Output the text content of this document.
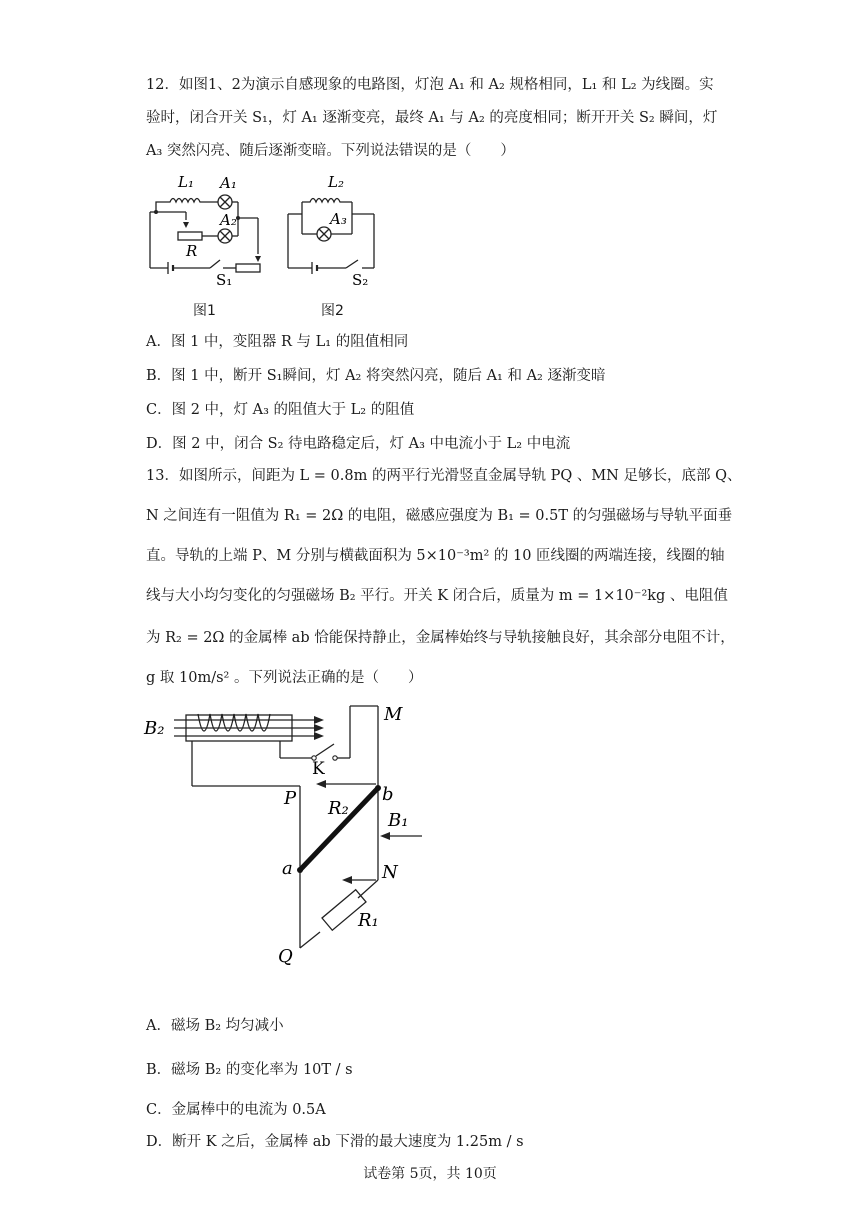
12．如图1、2为演示自感现象的电路图，灯泡 A₁ 和 A₂ 规格相同，L₁ 和 L₂ 为线圈。实
验时，闭合开关 S₁，灯 A₁ 逐渐变亮，最终 A₁ 与 A₂ 的亮度相同；断开开关 S₂ 瞬间，灯
A₃ 突然闪亮、随后逐渐变暗。下列说法错误的是（　　）
L₁ A₁
A₂
R
S₁
图1
L₂
A₃
S₂
图2
A．图 1 中，变阻器 R 与 L₁ 的阻值相同
B．图 1 中，断开 S₁瞬间，灯 A₂ 将突然闪亮，随后 A₁ 和 A₂ 逐渐变暗
C．图 2 中，灯 A₃ 的阻值大于 L₂ 的阻值
D．图 2 中，闭合 S₂ 待电路稳定后，灯 A₃ 中电流小于 L₂ 中电流
13．如图所示，间距为 L = 0.8m 的两平行光滑竖直金属导轨 PQ 、MN 足够长，底部 Q、
N 之间连有一阻值为 R₁ = 2Ω 的电阻，磁感应强度为 B₁ = 0.5T 的匀强磁场与导轨平面垂
直。导轨的上端 P、M 分别与横截面积为 5×10⁻³m² 的 10 匝线圈的两端连接，线圈的轴
线与大小均匀变化的匀强磁场 B₂ 平行。开关 K 闭合后，质量为 m = 1×10⁻²kg 、电阻值
为 R₂ = 2Ω 的金属棒 ab 恰能保持静止，金属棒始终与导轨接触良好，其余部分电阻不计，
g 取 10m/s² 。下列说法正确的是（　　）
B₂
K
M
P	b
R₂
B₁
a	N
R₁
Q
A．磁场 B₂ 均匀减小
B．磁场 B₂ 的变化率为 10T / s
C．金属棒中的电流为 0.5A
D．断开 K 之后，金属棒 ab 下滑的最大速度为 1.25m / s
试卷第 5页，共 10页
